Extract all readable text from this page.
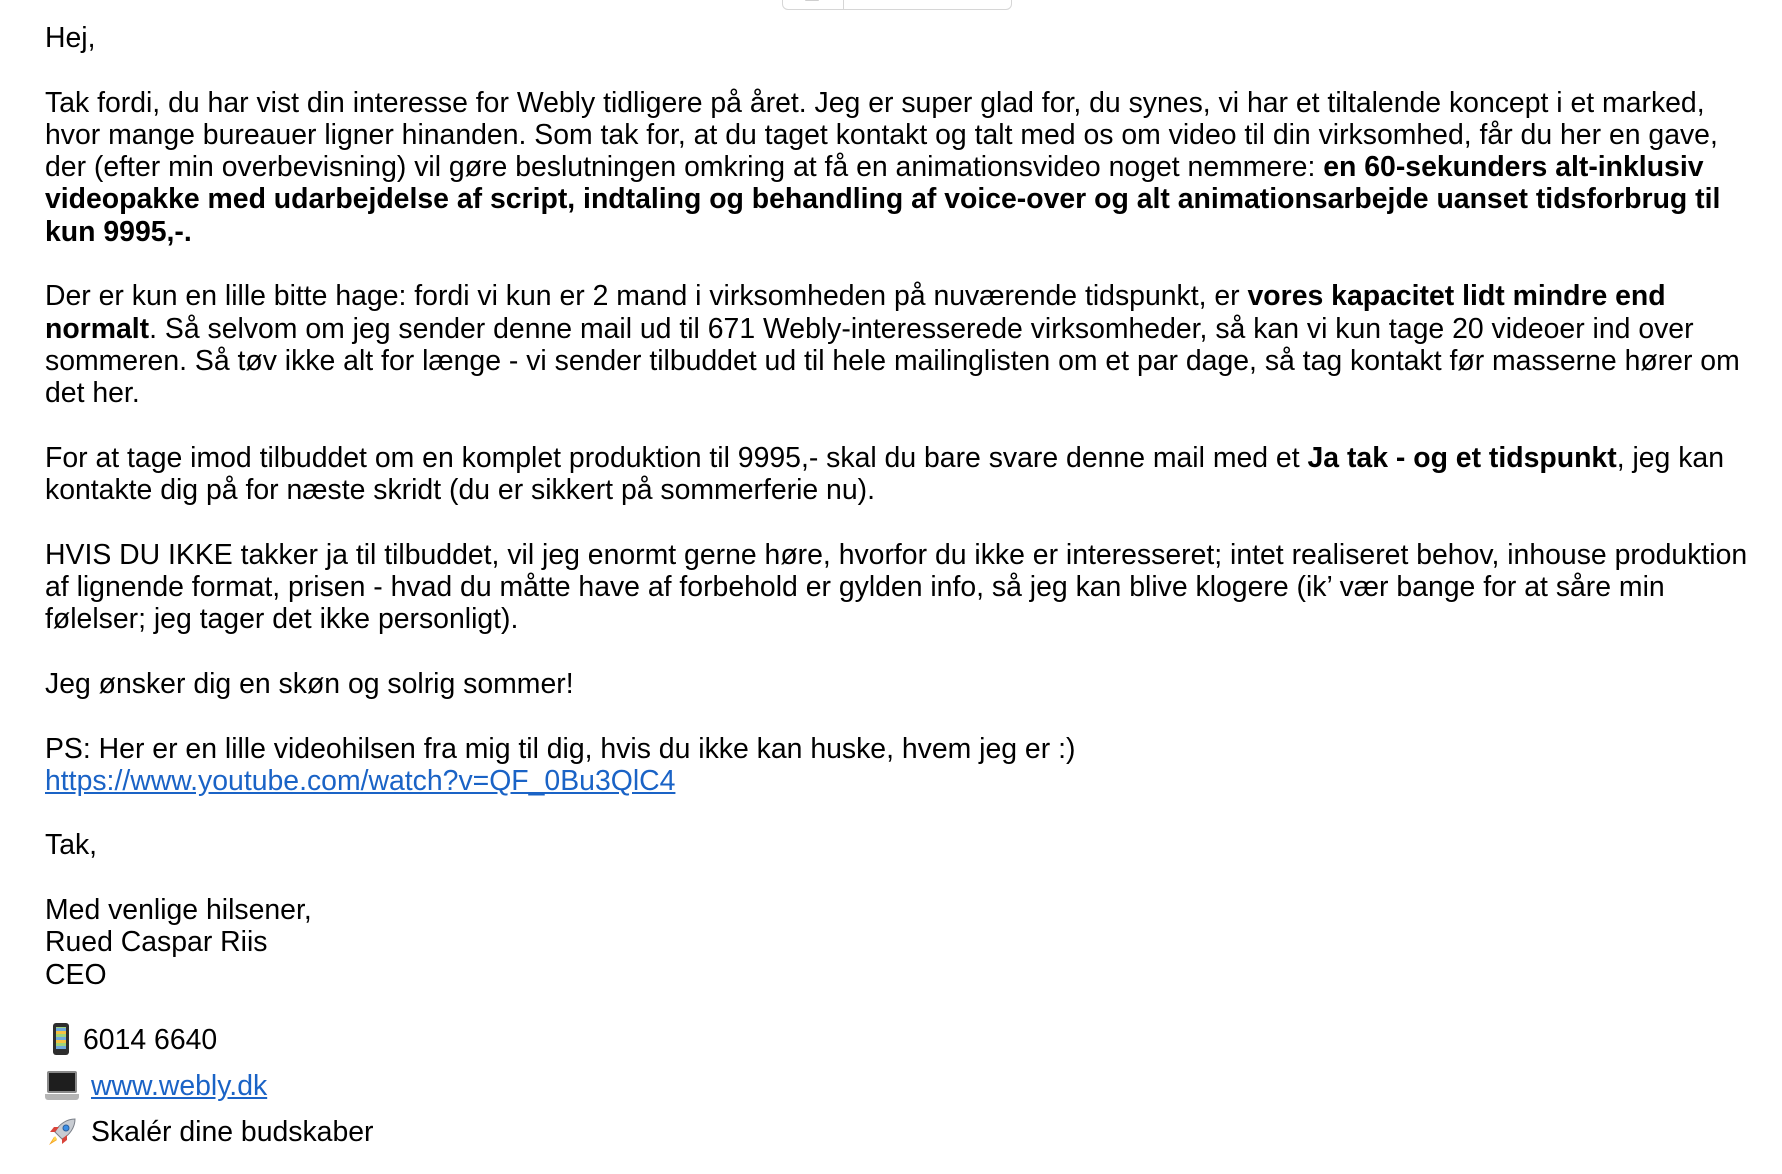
Hej,

Tak fordi, du har vist din interesse for Webly tidligere på året. Jeg er super glad for, du synes, vi har et tiltalende koncept i et marked, hvor mange bureauer ligner hinanden. Som tak for, at du taget kontakt og talt med os om video til din virksomhed, får du her en gave, der (efter min overbevisning) vil gøre beslutningen omkring at få en animationsvideo noget nemmere: en 60-sekunders alt-inklusiv videopakke med udarbejdelse af script, indtaling og behandling af voice-over og alt animationsarbejde uanset tidsforbrug til kun 9995,-.

Der er kun en lille bitte hage: fordi vi kun er 2 mand i virksomheden på nuværende tidspunkt, er vores kapacitet lidt mindre end normalt. Så selvom om jeg sender denne mail ud til 671 Webly-interesserede virksomheder, så kan vi kun tage 20 videoer ind over sommeren. Så tøv ikke alt for længe - vi sender tilbuddet ud til hele mailinglisten om et par dage, så tag kontakt før masserne hører om det her.

For at tage imod tilbuddet om en komplet produktion til 9995,- skal du bare svare denne mail med et Ja tak - og et tidspunkt, jeg kan kontakte dig på for næste skridt (du er sikkert på sommerferie nu).

HVIS DU IKKE takker ja til tilbuddet, vil jeg enormt gerne høre, hvorfor du ikke er interesseret; intet realiseret behov, inhouse produktion af lignende format, prisen - hvad du måtte have af forbehold er gylden info, så jeg kan blive klogere (ik’ vær bange for at såre min følelser; jeg tager det ikke personligt).

Jeg ønsker dig en skøn og solrig sommer!

PS: Her er en lille videohilsen fra mig til dig, hvis du ikke kan huske, hvem jeg er :)
https://www.youtube.com/watch?v=QF_0Bu3QlC4

Tak,

Med venlige hilsener,
Rued Caspar Riis
CEO

6014 6640
www.webly.dk
Skalér dine budskaber
